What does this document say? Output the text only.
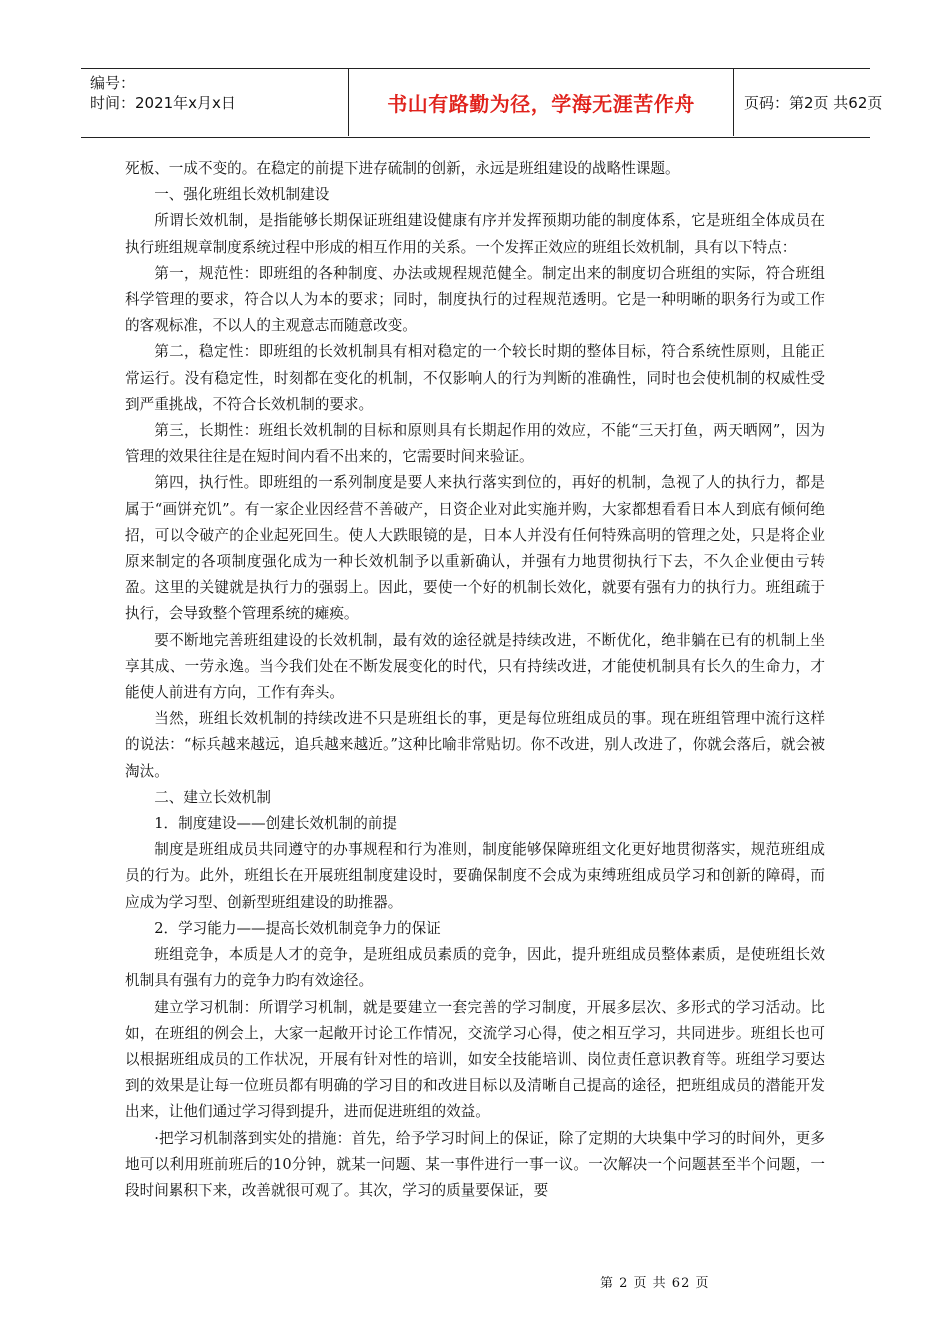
编号：
时间：2021年x月x日	书山有路勤为径，学海无涯苦作舟	页码：第2页 共62页

死板、一成不变的。在稳定的前提下进存硫制的创新，永远是班组建设的战略性课题。

一、强化班组长效机制建设

所谓长效机制，是指能够长期保证班组建设健康有序并发挥预期功能的制度体系，它是班组全体成员在执行班组规章制度系统过程中形成的相互作用的关系。一个发挥正效应的班组长效机制，具有以下特点：

第一，规范性：即班组的各种制度、办法或规程规范健全。制定出来的制度切合班组的实际，符合班组科学管理的要求，符合以人为本的要求；同时，制度执行的过程规范透明。它是一种明晰的职务行为或工作的客观标准，不以人的主观意志而随意改变。

第二，稳定性：即班组的长效机制具有相对稳定的一个较长时期的整体目标，符合系统性原则，且能正常运行。没有稳定性，时刻都在变化的机制，不仅影响人的行为判断的准确性，同时也会使机制的权威性受到严重挑战，不符合长效机制的要求。

第三，长期性：班组长效机制的目标和原则具有长期起作用的效应，不能“三天打鱼，两天晒网”，因为管理的效果往往是在短时间内看不出来的，它需要时间来验证。

第四，执行性。即班组的一系列制度是要人来执行落实到位的，再好的机制，急视了人的执行力，都是属于“画饼充饥”。有一家企业因经营不善破产，日资企业对此实施并购，大家都想看看日本人到底有倾何绝招，可以令破产的企业起死回生。使人大跌眼镜的是，日本人并没有任何特殊高明的管理之处，只是将企业原来制定的各项制度强化成为一种长效机制予以重新确认，并强有力地贯彻执行下去，不久企业便由亏转盈。这里的关键就是执行力的强弱上。因此，要使一个好的机制长效化，就要有强有力的执行力。班组疏于执行，会导致整个管理系统的瘫痪。

要不断地完善班组建设的长效机制，最有效的途径就是持续改进，不断优化，绝非躺在已有的机制上坐享其成、一劳永逸。当今我们处在不断发展变化的时代，只有持续改进，才能使机制具有长久的生命力，才能使人前进有方向，工作有奔头。

当然，班组长效机制的持续改进不只是班组长的事，更是每位班组成员的事。现在班组管理中流行这样的说法：“标兵越来越远，追兵越来越近。”这种比喻非常贴切。你不改进，别人改进了，你就会落后，就会被淘汰。

二、建立长效机制

1．制度建设——创建长效机制的前提

制度是班组成员共同遵守的办事规程和行为准则，制度能够保障班组文化更好地贯彻落实，规范班组成员的行为。此外，班组长在开展班组制度建设时，要确保制度不会成为束缚班组成员学习和创新的障碍，而应成为学习型、创新型班组建设的助推器。

2．学习能力——提高长效机制竞争力的保证

班组竞争，本质是人才的竞争，是班组成员素质的竞争，因此，提升班组成员整体素质，是使班组长效机制具有强有力的竞争力昀有效途径。

建立学习机制：所谓学习机制，就是要建立一套完善的学习制度，开展多层次、多形式的学习活动。比如，在班组的例会上，大家一起敞开讨论工作情况，交流学习心得，使之相互学习，共同进步。班组长也可以根据班组成员的工作状况，开展有针对性的培训，如安全技能培训、岗位责任意识教育等。班组学习要达到的效果是让每一位班员都有明确的学习目的和改进目标以及清晰自己提高的途径，把班组成员的潜能开发出来，让他们通过学习得到提升，进而促进班组的效益。

·把学习机制落到实处的措施：首先，给予学习时间上的保证，除了定期的大块集中学习的时间外，更多地可以利用班前班后的10分钟，就某一问题、某一事件进行一事一议。一次解决一个问题甚至半个问题，一段时间累积下来，改善就很可观了。其次，学习的质量要保证，要

第 2 页 共 62 页
